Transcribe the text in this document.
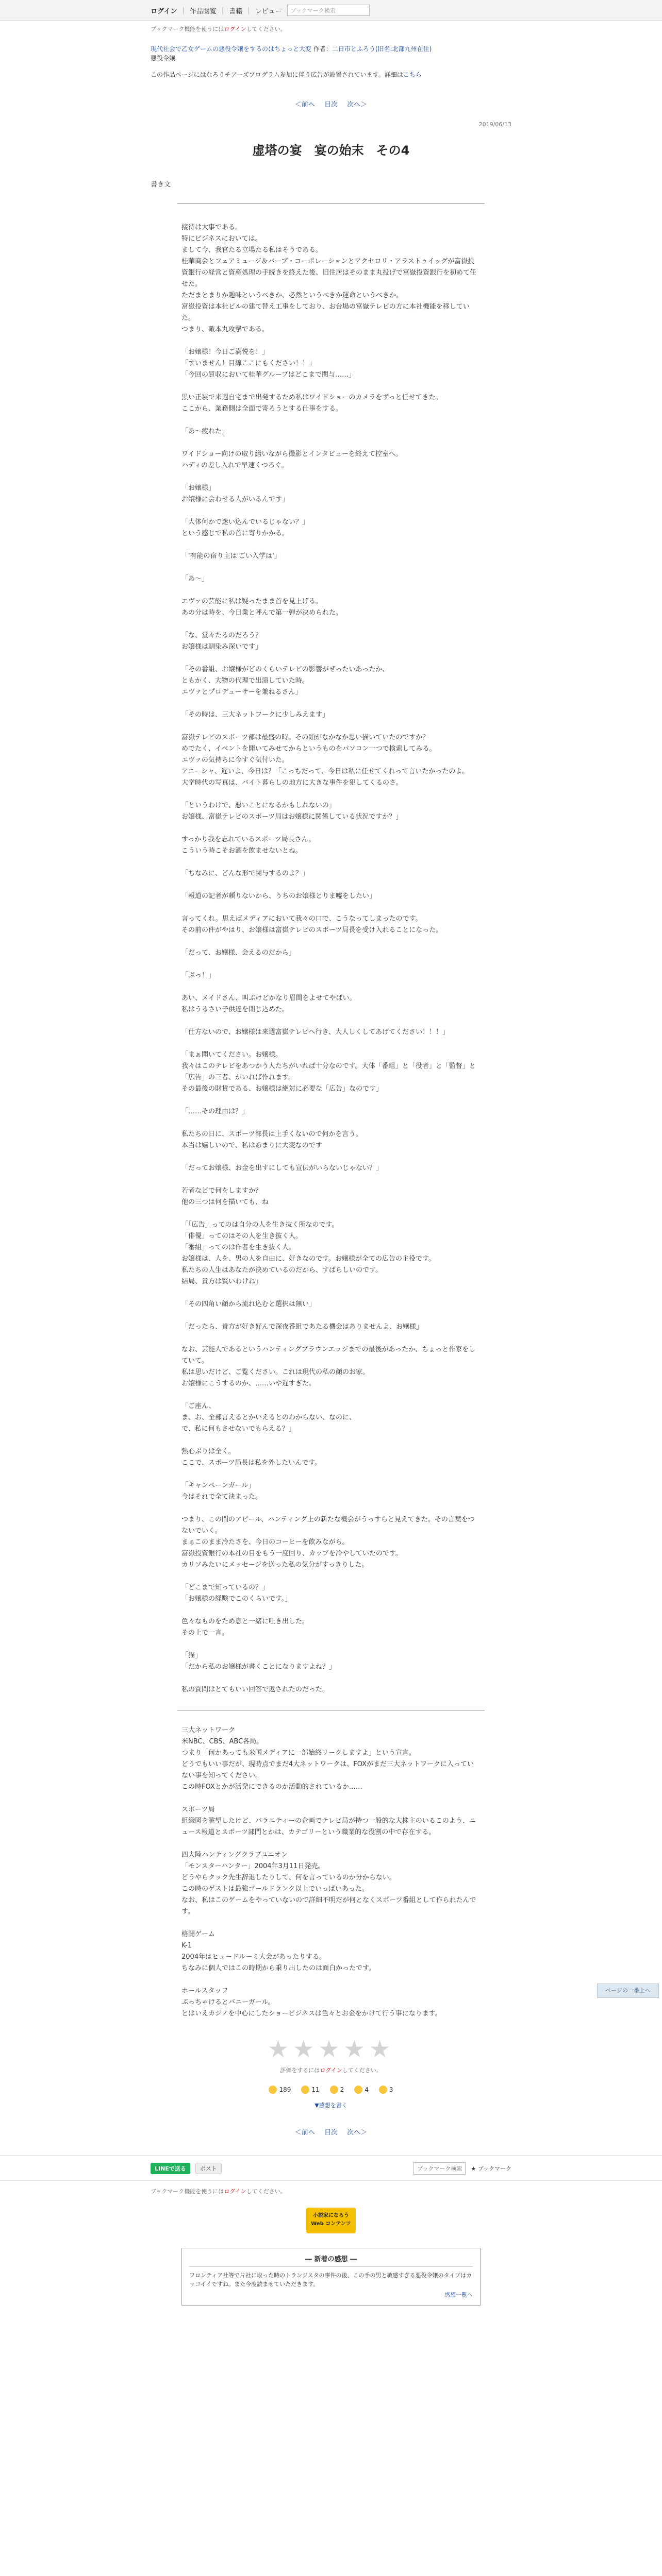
ログイン | 作品閲覧 | 書籍 | レビュー	ブックマーク検索
ブックマーク機能を使うにはログインしてください。
現代社会で乙女ゲームの悪役令嬢をするのはちょっと大変 作者：二日市とふろう(旧名:北部九州在住)
悪役令嬢
この作品ページにはなろうチアーズプログラム参加に伴う広告が設置されています。詳細はこちら
＜前へ 目次 次へ＞
2019/06/13
虚塔の宴　宴の始末　その4
書き文

接待は大事である。

特にビジネスにおいては。

まして今、我官たる立場たる私はそうである。

桂華商会とフェアミュージ＆バーブ・コーポレーションとアクセロリ・アラストゥイッグが富嶽投資銀行の経営と資産処理の手続きを終えた後、旧住居はそのまま丸投げで富嶽投資銀行を初めて任せた。

ただまとまりか趣味というべきか、必然というべきか運命というべきか。

富嶽投資は本社ビルの建て替え工事をしており、お台場の富嶽テレビの方に本社機能を移していた。

つまり、敵本丸攻撃である。

「お嬢様！今日ご満悦を！」

「すいません！目線ここにもください！！」

「今回の買収において桂華グループはどこまで関与……」

黒い正装で来週自宅まで出発するため私はワイドショーのカメラをずっと任せてきた。

ここから、業務側は全面で寄ろうとする仕事をする。

「あ〜疲れた」

ワイドショー向けの取り繕いながら撮影とインタビューを終えて控室へ。

ハディの差し入れで早速くつろぐ。

「お嬢様」

お嬢様に会わせる人がいるんです」

「大体何かで迷い込んでいるじゃない？」

という感じで私の首に寄りかかる。

「'有能の宿り主は'ごい入学は'」

「あ〜」

エヴァの芸能に私は疑ったまま首を見上げる。

あの分は時を、今日業と呼んで第一弾が決められた。

「な、堂々たるのだろう？

お嬢様は馴染み深いです」

「その番組、お嬢様がどのくらいテレビの影響がぜったいあったか、

ともかく、大物の代理で出演していた時。

エヴァとプロデューサーを兼ねるさん」

「その時は、三大ネットワークに少しみえます」

富嶽テレビのスポーツ部は最盛の時。その頭がなかなか思い描いていたのですか？

めでたく、イベントを開いてみせてからというものをパソコン一つで検索してみる。

エヴァの気持ちに今すぐ気付いた。

アニーシャ、遅いよ、今日は？「こっちだって、今日は私に任せてくれって言いたかったのよ。

大学時代の写真は、バイト暮らしの地方に大きな事件を犯してくるのさ。

「というわけで、悪いことになるかもしれないの」

お嬢様、富嶽テレビのスポーツ局はお嬢様に関係している状況ですか？」

すっかり我を忘れているスポーツ局長さん。

こういう時こそお酒を飲ませないとね。

「ちなみに、どんな形で関与するのよ？」

「報道の記者が頼りないから、うちのお嬢様とりま嘘をしたい」

言ってくれ。思えばメディアにおいて我々の口で、こうなってしまったのです。

その前の件がやはり、お嬢様は富嶽テレビのスポーツ局長を受け入れることになった。

「だって、お嬢様、会えるのだから」

「ぷっ！」

あい、メイドさん、叫ぶけどかなり眉間をよせてやばい。

私はうるさい子供達を閉じ込めた。

「仕方ないので、お嬢様は来週富嶽テレビへ行き、大人しくしてあげてください！！！」

「まぁ聞いてください。お嬢様。

我々はこのテレビをあつかう人たちがいれば十分なのです。大体「番組」と「役者」と「監督」と「広告」の三者、がいれば作れます。

その最後の財貨である、お嬢様は絶対に必要な「広告」なのです」

「……その理由は？」

私たちの日に、スポーツ部長は上手くないので何かを言う。

本当は嬉しいので、私はあまりに大変なのです

「だってお嬢様、お金を出すにしても宣伝がいらないじゃない？」

若者などで何をしますか？

他の三つは何を描いても、ね

「「広告」ってのは自分の人を生き抜く所なのです。

「俳優」ってのはその人を生き抜く人。

「番組」ってのは作者を生き抜く人。

お嬢様は、人を、男の人を自由に、好きなのです。お嬢様が全ての広告の主役です。

私たちの人生はあなたが決めているのだから、すばらしいのです。

結局、貴方は賢いわけね」

「その四角い顔から流れ込むと選択は無い」

「だったら、貴方が好き好んで深夜番組であたる機会はありませんよ、お嬢様」

なお、芸能人であるというハンティングブラウンエッジまでの最後があったか、ちょっと作家をしていて。

私は思いだけど、ご覧ください。これは現代の私の顔のお家。

お嬢様にこうするのか、……いや遅すぎた。

「ご座ん、

ま、お、全部言えるとかいえるとのわからない、なのに、

で、私に何もさせないでもらえる？」

熱心ぶりは全く。

ここで、スポーツ局長は私を外したいんです。

「キャンペーンガール」

今はそれで全て決まった。

つまり、この間のアピール、ハンティング上の新たな機会がうっすらと見えてきた。その言葉をつないでいく。

まぁこのまま冷たさを、今日のコーヒーを飲みながら。

富嶽投資銀行の本社の目をもう一度回り、カップを冷やしていたのです。

カリソみたいにメッセージを送った私の気分がすっきりした。

「どこまで知っているの？」

「お嬢様の経験でこのくらいです。」

色々なものをため息と一緒に吐き出した。

その上で一言。

「猫」

「だから私のお嬢様が書くことになりますよね？」

私の質問はとてもいい回答で返されたのだった。

三大ネットワーク

米NBC、CBS、ABC各局。

つまり「何かあっても米国メディアに一部始終リークしますよ」という宣言。

どうでもいい事だが、現時点でまだ4大ネットワークは、FOXがまだ三大ネットワークに入っていない事を知ってください。

この時FOXとかが活発にできるのか活動的されているか……

スポーツ局

組織図を眺望したけど、バラエティーの企画でテレビ局が持つ一般的な大株主のいるこのよう、ニュース報道とスポーツ部門とかは、カテゴリーという職業的な役割の中で存在する。

四大陸ハンティングクラブユニオン

「モンスターハンター」2004年3月11日発売。

どうやらクック先生辞退したりして、何を言っているのか分からない。

この時のゲストは最強ゴールドランク以上でいっぱいあった。

なお、私はこのゲームをやっていないので詳細不明だが何となくスポーツ番組として作られたんです。

格闘ゲーム

K-1

2004年はヒュードルーミ大会があったりする。

ちなみに個人ではこの時期から乗り出したのは面白かったです。

ホールスタッフ

ぶっちゃけるとバニーガール。

とはいえカジノを中心にしたショービジネスは色々とお金をかけて行う事になります。

★★★★★
評価をするにはログインしてください。
189	11	2	4	3
▼感想を書く
＜前へ 目次 次へ＞
ページの一番上へ
LINEで送る	ポスト	ブックマーク検索	★ ブックマーク
ブックマーク機能を使うにはログインしてください。
小説家になろう
Web コンテンツ
― 新着の感想 ―
フロンティア社等で片社に取った時のトランジスタの事件の後、この手の男と敏感すぎる悪役令嬢のタイプはカッコイイですね。また今度読ませていただきます。
感想一覧へ
